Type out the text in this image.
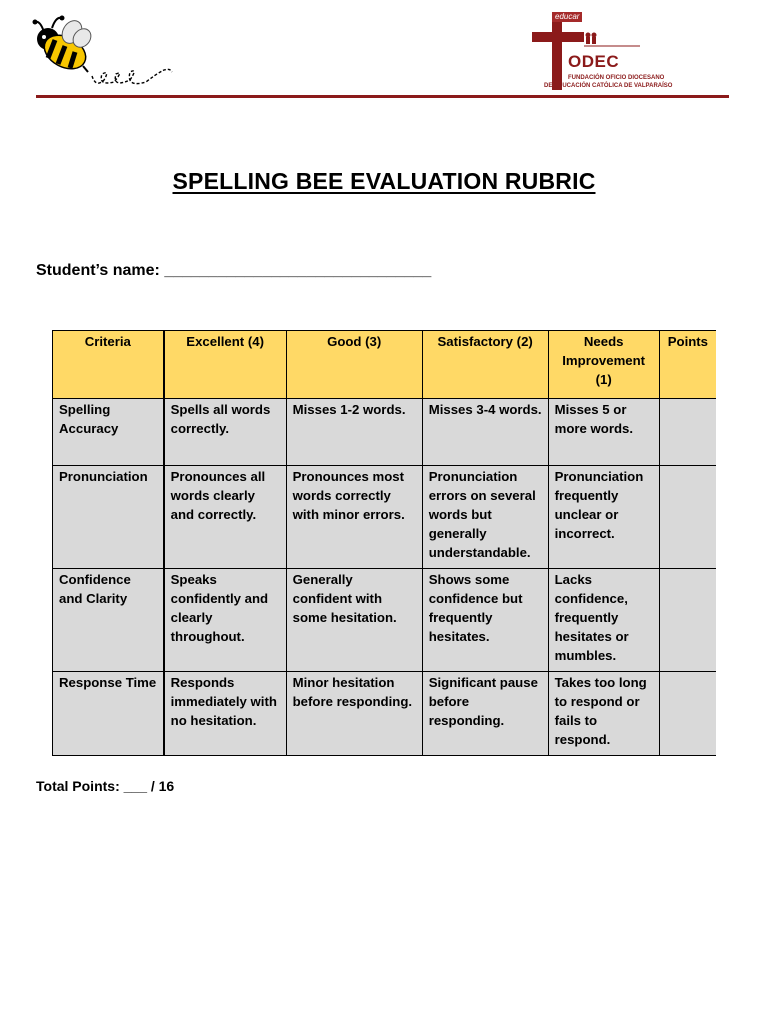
educar
ODEC
FUNDACIÓN OFICIO DIOCESANO
DE EDUCACIÓN CATÓLICA DE VALPARAÍSO
SPELLING BEE EVALUATION RUBRIC
Student’s name: ______________________________
Criteria	Excellent (4)	Good (3)	Satisfactory (2)	Needs Improvement (1)	Points
Spelling Accuracy	Spells all words correctly.	Misses 1-2 words.	Misses 3-4 words.	Misses 5 or more words.	
Pronunciation	Pronounces all words clearly and correctly.	Pronounces most words correctly with minor errors.	Pronunciation errors on several words but generally understandable.	Pronunciation frequently unclear or incorrect.	
Confidence and Clarity	Speaks confidently and clearly throughout.	Generally confident with some hesitation.	Shows some confidence but frequently hesitates.	Lacks confidence, frequently hesitates or mumbles.	
Response Time	Responds immediately with no hesitation.	Minor hesitation before responding.	Significant pause before responding.	Takes too long to respond or fails to respond.	
Total Points: ___ / 16
